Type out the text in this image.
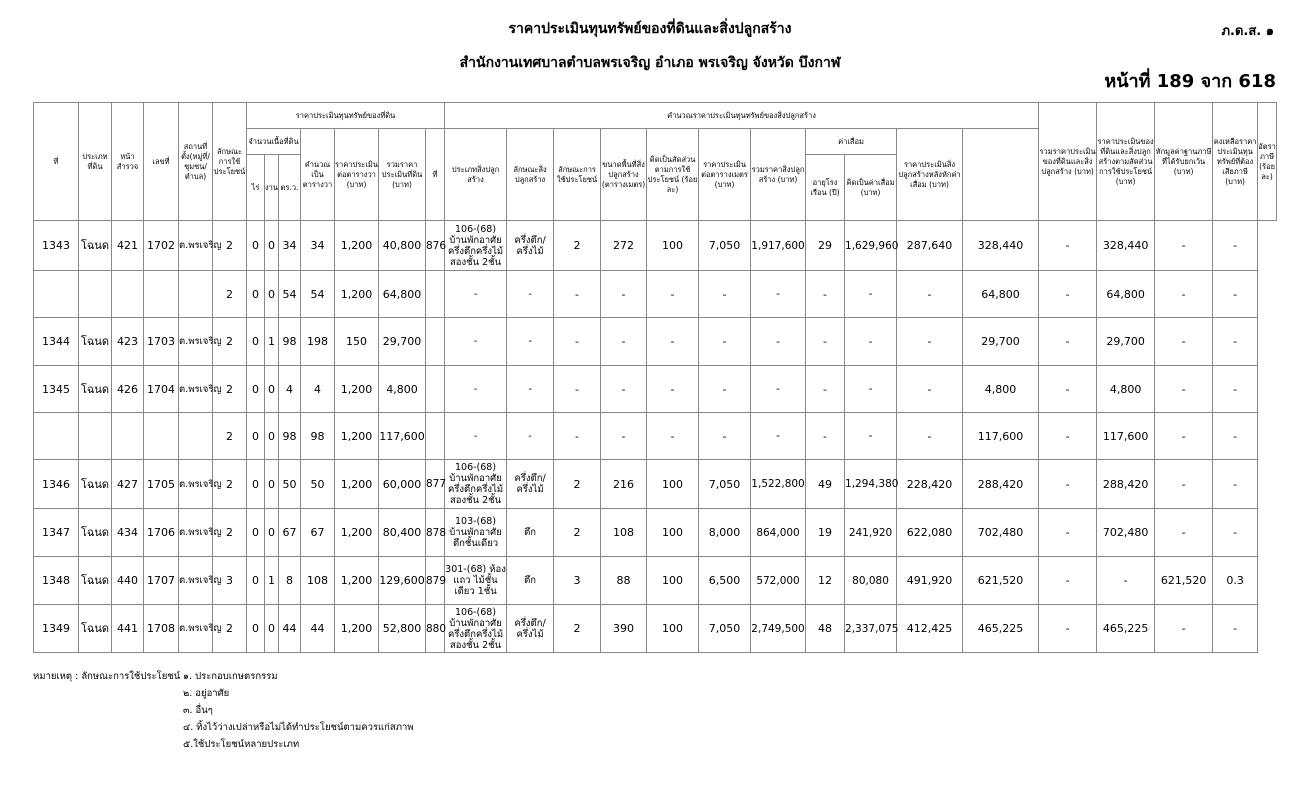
ราคาประเมินทุนทรัพย์ของที่ดินและสิ่งปลูกสร้าง	ภ.ด.ส. ๑
สำนักงานเทศบาลตำบลพรเจริญ อำเภอ พรเจริญ จังหวัด บึงกาฬ
หน้าที่ 189 จาก 618
ที่	ประเภทที่ดิน	หน้าสำรวจ	เลขที่	สถานที่ตั้ง(หมู่ที่/ชุมชน/ตำบล)	ลักษณะการใช้ประโยชน์	ราคาประเมินทุนทรัพย์ของที่ดิน							คำนวณราคาประเมินทุนทรัพย์ของสิ่งปลูกสร้าง											รวมราคาประเมินของที่ดินและสิ่งปลูกสร้าง (บาท)	ราคาประเมินของที่ดินและสิ่งปลูกสร้างตามสัดส่วนการใช้ประโยชน์ (บาท)	หักมูลค่าฐานภาษีที่ได้รับยกเว้น (บาท)	คงเหลือราคาประเมินทุนทรัพย์ที่ต้องเสียภาษี (บาท)	อัตราภาษี (ร้อยละ)
						จำนวนเนื้อที่ดิน			คำนวณเป็นตารางวา	ราคาประเมินต่อตารางวา (บาท)	รวมราคาประเมินที่ดิน (บาท)	ที่	ประเภทสิ่งปลูกสร้าง	ลักษณะสิ่งปลูกสร้าง	ลักษณะการใช้ประโยชน์	ขนาดพื้นที่สิ่งปลูกสร้าง (ตารางเมตร)	คิดเป็นสัดส่วนตามการใช้ประโยชน์ (ร้อยละ)	ราคาประเมินต่อตารางเมตร (บาท)	รวมราคาสิ่งปลูกสร้าง (บาท)	ค่าเสื่อม		ราคาประเมินสิ่งปลูกสร้างหลังหักค่าเสื่อม (บาท)						
						ไร่	งาน	ตร.ว.												อายุโรงเรือน (ปี)	คิดเป็นค่าเสื่อม (บาท)							
1343	โฉนด	421	1702	ต.พรเจริญ	2	0	0	34	34	1,200	40,800	876	106-(68) บ้านพักอาศัยครึ่งตึกครึ่งไม้สองชั้น 2ชั้น	ครึ่งตึก/ครึ่งไม้	2	272	100	7,050	1,917,600	29	1,629,960	287,640	328,440	-	328,440	-	-	
					2	0	0	54	54	1,200	64,800		-	-	-	-	-	-	-	-	-	-	64,800	-	64,800	-	-	
1344	โฉนด	423	1703	ต.พรเจริญ	2	0	1	98	198	150	29,700		-	-	-	-	-	-	-	-	-	-	29,700	-	29,700	-	-	
1345	โฉนด	426	1704	ต.พรเจริญ	2	0	0	4	4	1,200	4,800		-	-	-	-	-	-	-	-	-	-	4,800	-	4,800	-	-	
					2	0	0	98	98	1,200	117,600		-	-	-	-	-	-	-	-	-	-	117,600	-	117,600	-	-	
1346	โฉนด	427	1705	ต.พรเจริญ	2	0	0	50	50	1,200	60,000	877	106-(68) บ้านพักอาศัยครึ่งตึกครึ่งไม้สองชั้น 2ชั้น	ครึ่งตึก/ครึ่งไม้	2	216	100	7,050	1,522,800	49	1,294,380	228,420	288,420	-	288,420	-	-	
1347	โฉนด	434	1706	ต.พรเจริญ	2	0	0	67	67	1,200	80,400	878	103-(68) บ้านพักอาศัยตึกชั้นเดียว	ตึก	2	108	100	8,000	864,000	19	241,920	622,080	702,480	-	702,480	-	-	
1348	โฉนด	440	1707	ต.พรเจริญ	3	0	1	8	108	1,200	129,600	879	301-(68) ห้องแถว ไม้ชั้นเดียว 1ชั้น	ตึก	3	88	100	6,500	572,000	12	80,080	491,920	621,520	-	-	621,520	0.3	
1349	โฉนด	441	1708	ต.พรเจริญ	2	0	0	44	44	1,200	52,800	880	106-(68) บ้านพักอาศัยครึ่งตึกครึ่งไม้สองชั้น 2ชั้น	ครึ่งตึก/ครึ่งไม้	2	390	100	7,050	2,749,500	48	2,337,075	412,425	465,225	-	465,225	-	-	
หมายเหตุ : ลักษณะการใช้ประโยชน์ ๑. ประกอบเกษตรกรรม
๒. อยู่อาศัย
๓. อื่นๆ
๔. ทิ้งไว้ว่างเปล่าหรือไม่ได้ทำประโยชน์ตามควรแก่สภาพ
๕.ใช้ประโยชน์หลายประเภท
